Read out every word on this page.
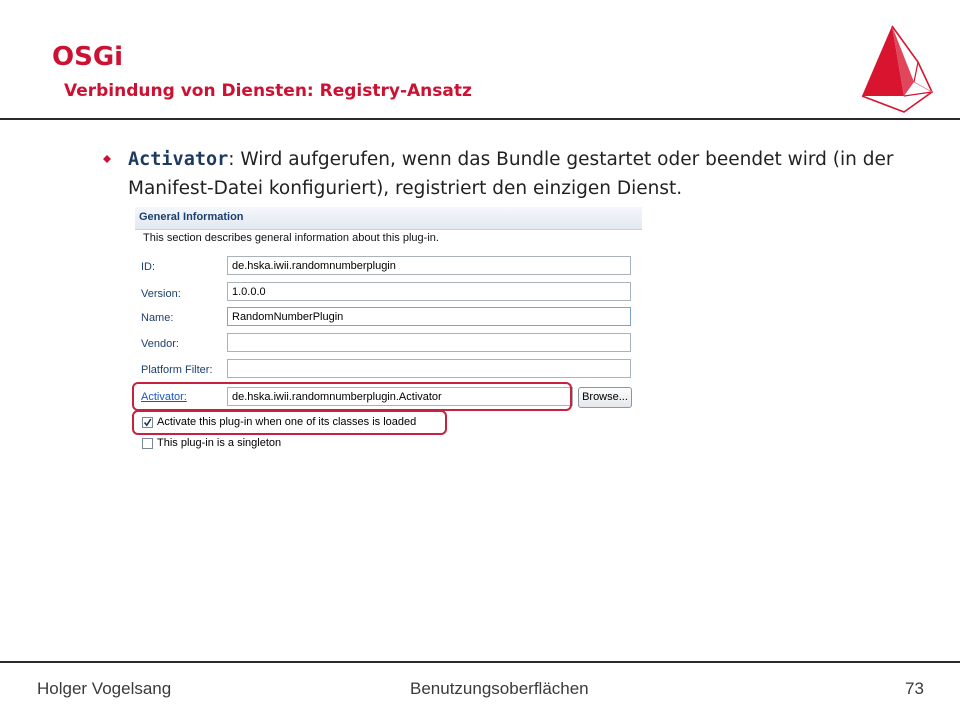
OSGi
Verbindung von Diensten: Registry-Ansatz
Activator: Wird aufgerufen, wenn das Bundle gestartet oder beendet wird (in der Manifest-Datei konfiguriert), registriert den einzigen Dienst.
General Information
This section describes general information about this plug-in.
ID:	de.hska.iwii.randomnumberplugin
Version:	1.0.0.0
Name:	RandomNumberPlugin
Vendor:
Platform Filter:
Activator:	de.hska.iwii.randomnumberplugin.Activator	Browse...
Activate this plug-in when one of its classes is loaded
This plug-in is a singleton
Holger Vogelsang	Benutzungsoberflächen	73
